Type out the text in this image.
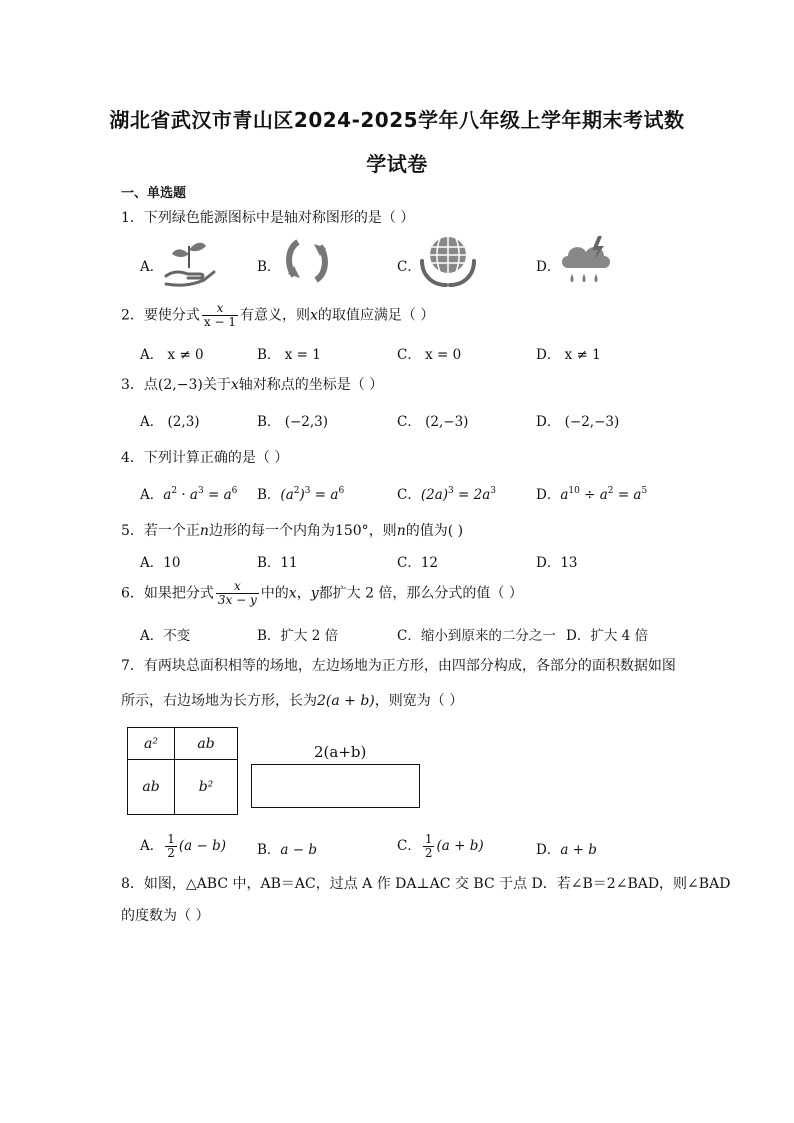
湖北省武汉市青山区2024-2025学年八年级上学年期末考试数
学试卷
一、单选题
1．下列绿色能源图标中是轴对称图形的是（ ）
A．	B．	C．	D．
2．要使分式 $\frac{x}{x - 1}$ 有意义，则x的取值应满足（ ）
A． x ≠ 0	B． x = 1	C． x = 0	D． x ≠ 1
3．点(2,−3)关于x轴对称点的坐标是（ ）
A． (2,3)	B． (−2,3)	C． (2,−3)	D． (−2,−3)
4．下列计算正确的是（ ）
A．$a^2 \cdot a^3 = a^6$ B．$(a^2)^3 = a^6$	C．$(2a)^3 = 2a^3$	D．$a^{10} \div a^2 = a^5$
5．若一个正n边形的每一个内角为150°，则n的值为( )
A．10	B．11	C．12	D．13
6．如果把分式 $\frac{x}{3x - y}$ 中的x，y都扩大 2 倍，那么分式的值（ ）
A．不变	B．扩大 2 倍	C．缩小到原来的二分之一 D．扩大 4 倍
7．有两块总面积相等的场地，左边场地为正方形，由四部分构成，各部分的面积数据如图
所示，右边场地为长方形，长为2(a + b)，则宽为（ ）
a²	ab
ab	b²
2(a+b)
A． $\frac{1}{2} (a - b)$ B．a − b	C． $\frac{1}{2} (a + b)$	D．a + b
8．如图，△ABC 中，AB＝AC，过点 A 作 DA⊥AC 交 BC 于点 D．若∠B＝2∠BAD，则∠BAD
的度数为（ ）
